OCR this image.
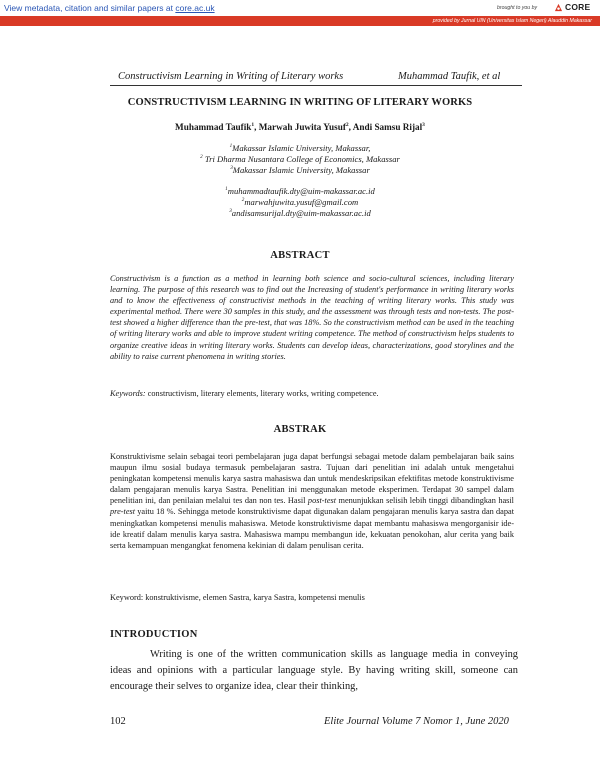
View metadata, citation and similar papers at core.ac.uk	brought to you by	CORE
provided by Jurnal UIN (Universitas Islam Negeri) Alauddin Makassar
Constructivism Learning in Writing of Literary works	Muhammad Taufik, et al
CONSTRUCTIVISM LEARNING IN WRITING OF LITERARY WORKS
Muhammad Taufik$^1$, Marwah Juwita Yusuf$^2$, Andi Samsu Rijal$^3$
$^1$Makassar Islamic University, Makassar,
$^2$ Tri Dharma Nusantara College of Economics, Makassar
$^3$Makassar Islamic University, Makassar
$^1$muhammadtaufik.dty@uim-makassar.ac.id
$^2$marwahjuwita.yusuf@gmail.com
$^3$andisamsurijal.dty@uim-makassar.ac.id
ABSTRACT
Constructivism is a function as a method in learning both science and socio-cultural sciences, including literary learning. The purpose of this research was to find out the Increasing of student's performance in writing literary works and to know the effectiveness of constructivist methods in the teaching of writing literary works. This study was experimental method. There were 30 samples in this study, and the assessment was through tests and non-tests. The post-test showed a higher difference than the pre-test, that was 18%. So the constructivism method can be used in the teaching of writing literary works and able to improve student writing competence. The method of constructivism helps students to organize creative ideas in writing literary works. Students can develop ideas, characterizations, good storylines and the ability to raise current phenomena in writing stories.
Keywords: constructivism, literary elements, literary works, writing competence.
ABSTRAK
Konstruktivisme selain sebagai teori pembelajaran juga dapat berfungsi sebagai metode dalam pembelajaran baik sains maupun ilmu sosial budaya termasuk pembelajaran sastra. Tujuan dari penelitian ini adalah untuk mengetahui peningkatan kompetensi menulis karya sastra mahasiswa dan untuk mendeskripsikan efektifitas metode konstruktivisme dalam pengajaran menulis karya Sastra. Penelitian ini menggunakan metode eksperimen. Terdapat 30 sampel dalam penelitian ini, dan penilaian melalui tes dan non tes. Hasil post-test menunjukkan selisih lebih tinggi dibandingkan hasil pre-test yaitu 18 %. Sehingga metode konstruktivisme dapat digunakan dalam pengajaran menulis karya sastra dan dapat meningkatkan kompetensi menulis mahasiswa. Metode konstruktivisme dapat membantu mahasiswa mengorganisir ide-ide kreatif dalam menulis karya sastra. Mahasiswa mampu membangun ide, kekuatan penokohan, alur cerita yang baik serta kemampuan mengangkat fenomena kekinian di dalam penulisan cerita.
Keyword: konstruktivisme, elemen Sastra, karya Sastra, kompetensi menulis
INTRODUCTION
Writing is one of the written communication skills as language media in conveying ideas and opinions with a particular language style. By having writing skill, someone can encourage their selves to organize idea, clear their thinking,
102	Elite Journal Volume 7 Nomor 1, June 2020
